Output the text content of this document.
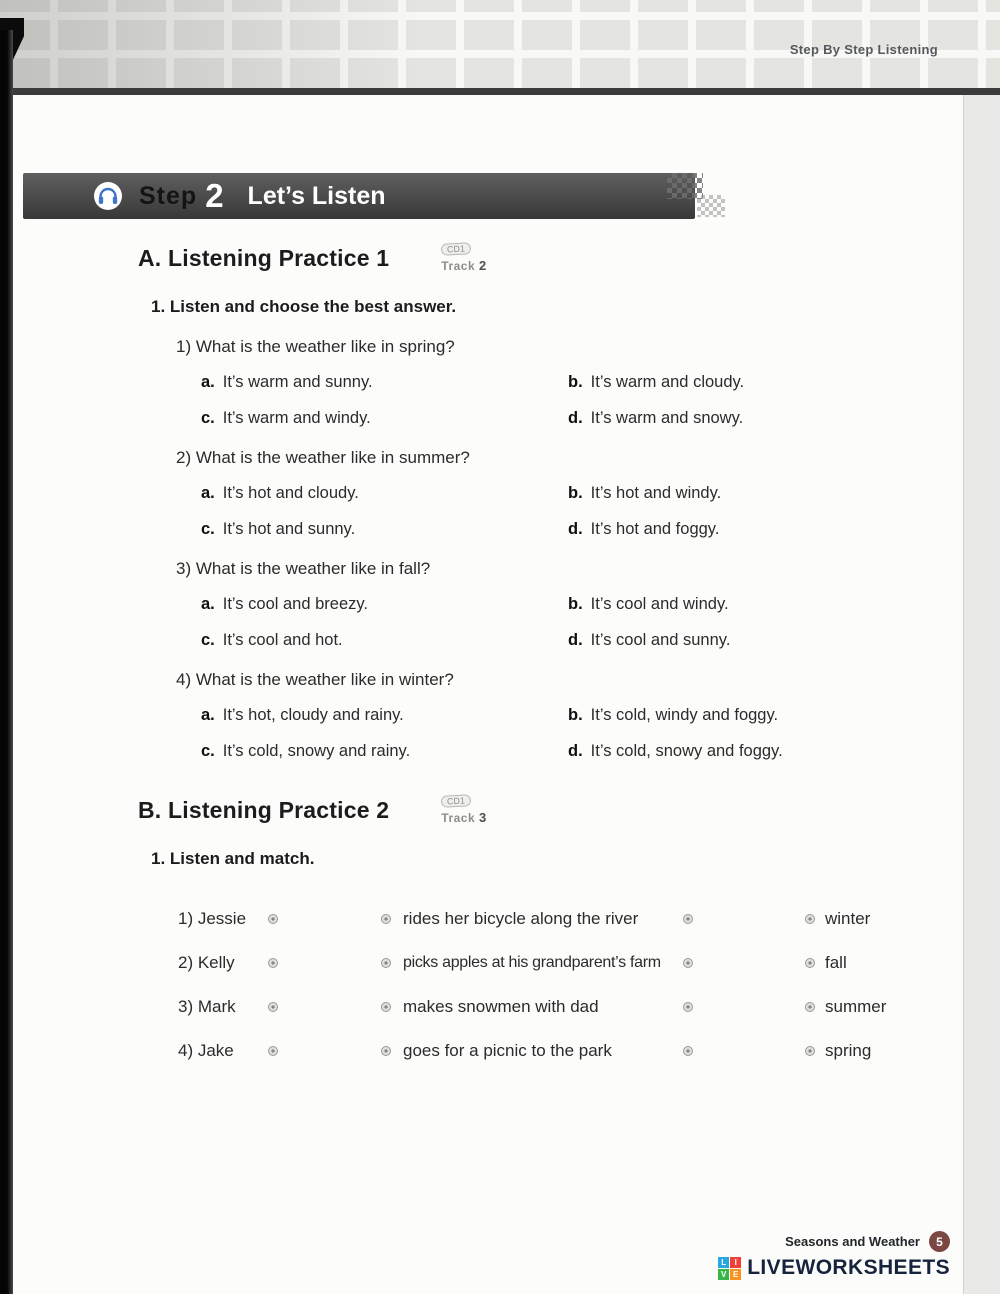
Step By Step Listening
Step 2 Let’s Listen
A. Listening Practice 1	CD1
Track 2
1. Listen and choose the best answer.
1) What is the weather like in spring?
a. It’s warm and sunny.	b. It’s warm and cloudy.
c. It’s warm and windy.	d. It’s warm and snowy.
2) What is the weather like in summer?
a. It’s hot and cloudy.	b. It’s hot and windy.
c. It’s hot and sunny.	d. It’s hot and foggy.
3) What is the weather like in fall?
a. It’s cool and breezy.	b. It’s cool and windy.
c. It’s cool and hot.	d. It’s cool and sunny.
4) What is the weather like in winter?
a. It’s hot, cloudy and rainy.	b. It’s cold, windy and foggy.
c. It’s cold, snowy and rainy.	d. It’s cold, snowy and foggy.
B. Listening Practice 2	CD1
Track 3
1. Listen and match.
1) Jessie	rides her bicycle along the river	winter
2) Kelly	picks apples at his grandparent’s farm	fall
3) Mark	makes snowmen with dad	summer
4) Jake	goes for a picnic to the park	spring
Seasons and Weather	5
L	I
V E LIVEWORKSHEETS
